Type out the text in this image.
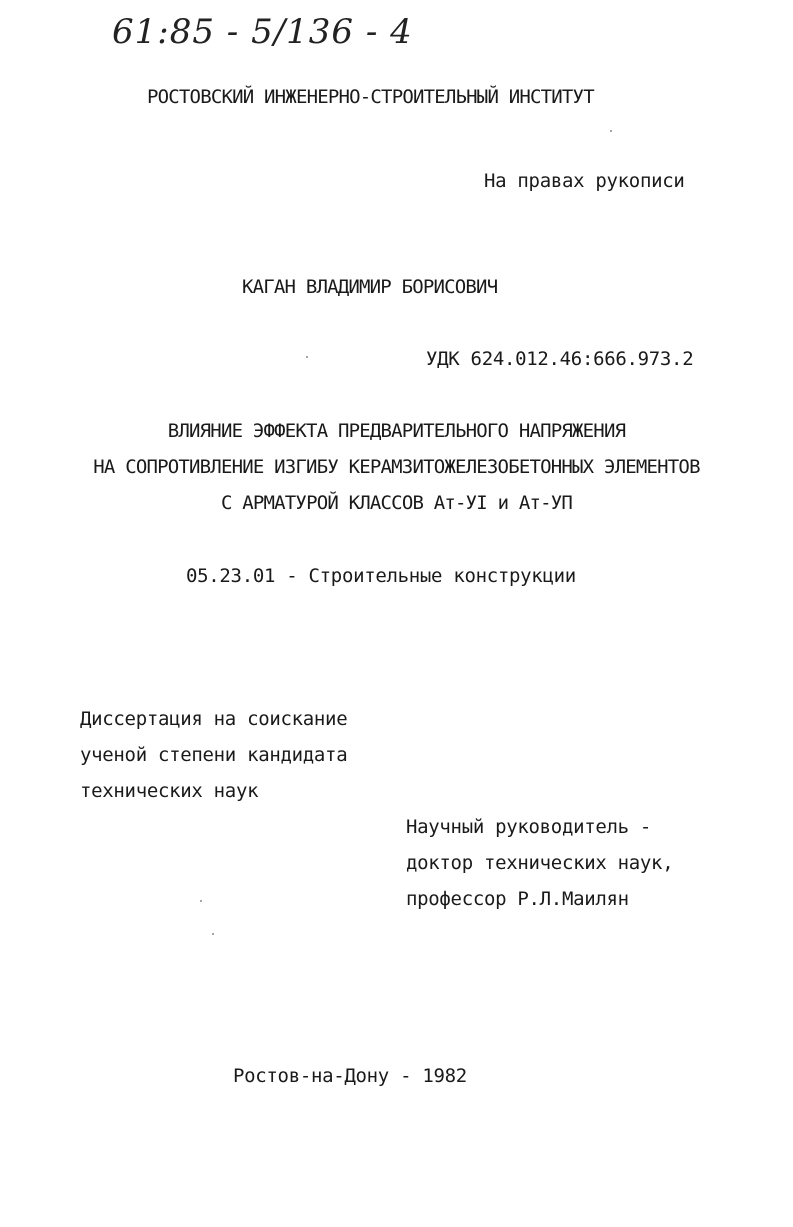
61:85 - 5/136 - 4
РОСТОВСКИЙ ИНЖЕНЕРНО-СТРОИТЕЛЬНЫЙ ИНСТИТУТ
На правах рукописи
КАГАН ВЛАДИМИР БОРИСОВИЧ
УДК 624.012.46:666.973.2
ВЛИЯНИЕ ЭФФЕКТА ПРЕДВАРИТЕЛЬНОГО НАПРЯЖЕНИЯ
НА СОПРОТИВЛЕНИЕ ИЗГИБУ КЕРАМЗИТОЖЕЛЕЗОБЕТОННЫХ ЭЛЕМЕНТОВ
С АРМАТУРОЙ КЛАССОВ Ат-УI и Ат-УП
05.23.01 - Строительные конструкции
Диссертация на соискание
ученой степени кандидата
технических наук
Научный руководитель -
доктор технических наук,
профессор Р.Л.Маилян
Ростов-на-Дону - 1982
